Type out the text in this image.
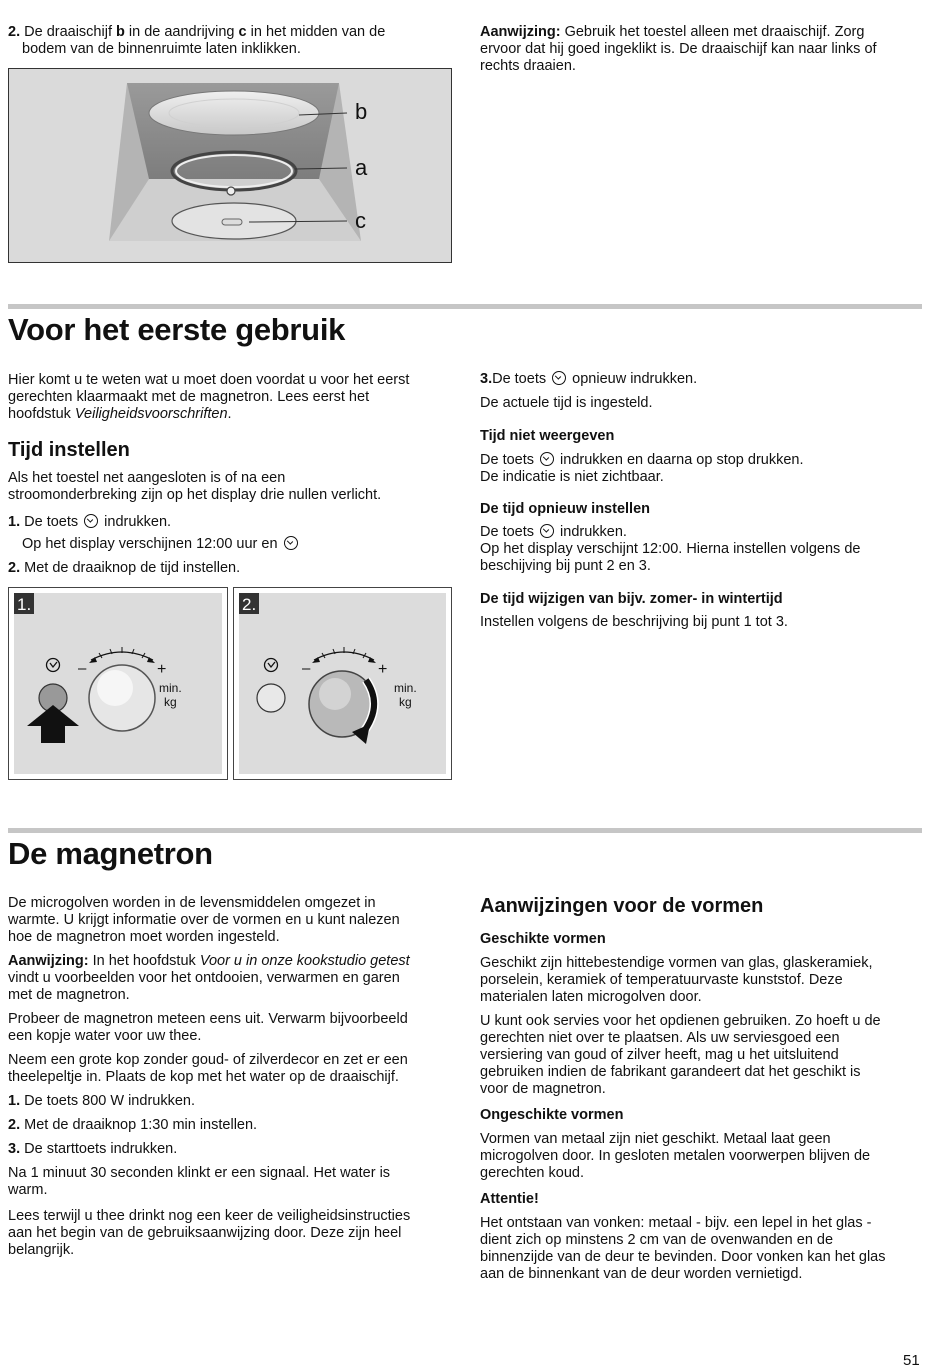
2. De draaischijf b in de aandrijving c in het midden van de
bodem van de binnenruimte laten inklikken.
Aanwijzing: Gebruik het toestel alleen met draaischijf. Zorg
ervoor dat hij goed ingeklikt is. De draaischijf kan naar links of
rechts draaien.
b
a
c
Voor het eerste gebruik
Hier komt u te weten wat u moet doen voordat u voor het eerst
gerechten klaarmaakt met de magnetron. Lees eerst het
hoofdstuk Veiligheidsvoorschriften.
Tijd instellen
Als het toestel net aangesloten is of na een
stroomonderbreking zijn op het display drie nullen verlicht.
1. De toets  indrukken.
Op het display verschijnen 12:00 uur en
2. Met de draaiknop de tijd instellen.
1.
–	+
min.
kg
2.
–	+
min.
kg
3.De toets  opnieuw indrukken.
De actuele tijd is ingesteld.
Tijd niet weergeven
De toets  indrukken en daarna op stop drukken.
De indicatie is niet zichtbaar.
De tijd opnieuw instellen
De toets  indrukken.
Op het display verschijnt 12:00. Hierna instellen volgens de
beschijving bij punt 2 en 3.
De tijd wijzigen van bijv. zomer- in wintertijd
Instellen volgens de beschrijving bij punt 1 tot 3.
De magnetron
De microgolven worden in de levensmiddelen omgezet in
warmte. U krijgt informatie over de vormen en u kunt nalezen
hoe de magnetron moet worden ingesteld.
Aanwijzing: In het hoofdstuk Voor u in onze kookstudio getest
vindt u voorbeelden voor het ontdooien, verwarmen en garen
met de magnetron.
Probeer de magnetron meteen eens uit. Verwarm bijvoorbeeld
een kopje water voor uw thee.
Neem een grote kop zonder goud- of zilverdecor en zet er een
theelepeltje in. Plaats de kop met het water op de draaischijf.
1. De toets 800 W indrukken.
2. Met de draaiknop 1:30 min instellen.
3. De starttoets indrukken.
Na 1 minuut 30 seconden klinkt er een signaal. Het water is
warm.
Lees terwijl u thee drinkt nog een keer de veiligheidsinstructies
aan het begin van de gebruiksaanwijzing door. Deze zijn heel
belangrijk.
Aanwijzingen voor de vormen
Geschikte vormen
Geschikt zijn hittebestendige vormen van glas, glaskeramiek,
porselein, keramiek of temperatuurvaste kunststof. Deze
materialen laten microgolven door.
U kunt ook servies voor het opdienen gebruiken. Zo hoeft u de
gerechten niet over te plaatsen. Als uw serviesgoed een
versiering van goud of zilver heeft, mag u het uitsluitend
gebruiken indien de fabrikant garandeert dat het geschikt is
voor de magnetron.
Ongeschikte vormen
Vormen van metaal zijn niet geschikt. Metaal laat geen
microgolven door. In gesloten metalen voorwerpen blijven de
gerechten koud.
Attentie!
Het ontstaan van vonken: metaal - bijv. een lepel in het glas -
dient zich op minstens 2 cm van de ovenwanden en de
binnenzijde van de deur te bevinden. Door vonken kan het glas
aan de binnenkant van de deur worden vernietigd.
51
